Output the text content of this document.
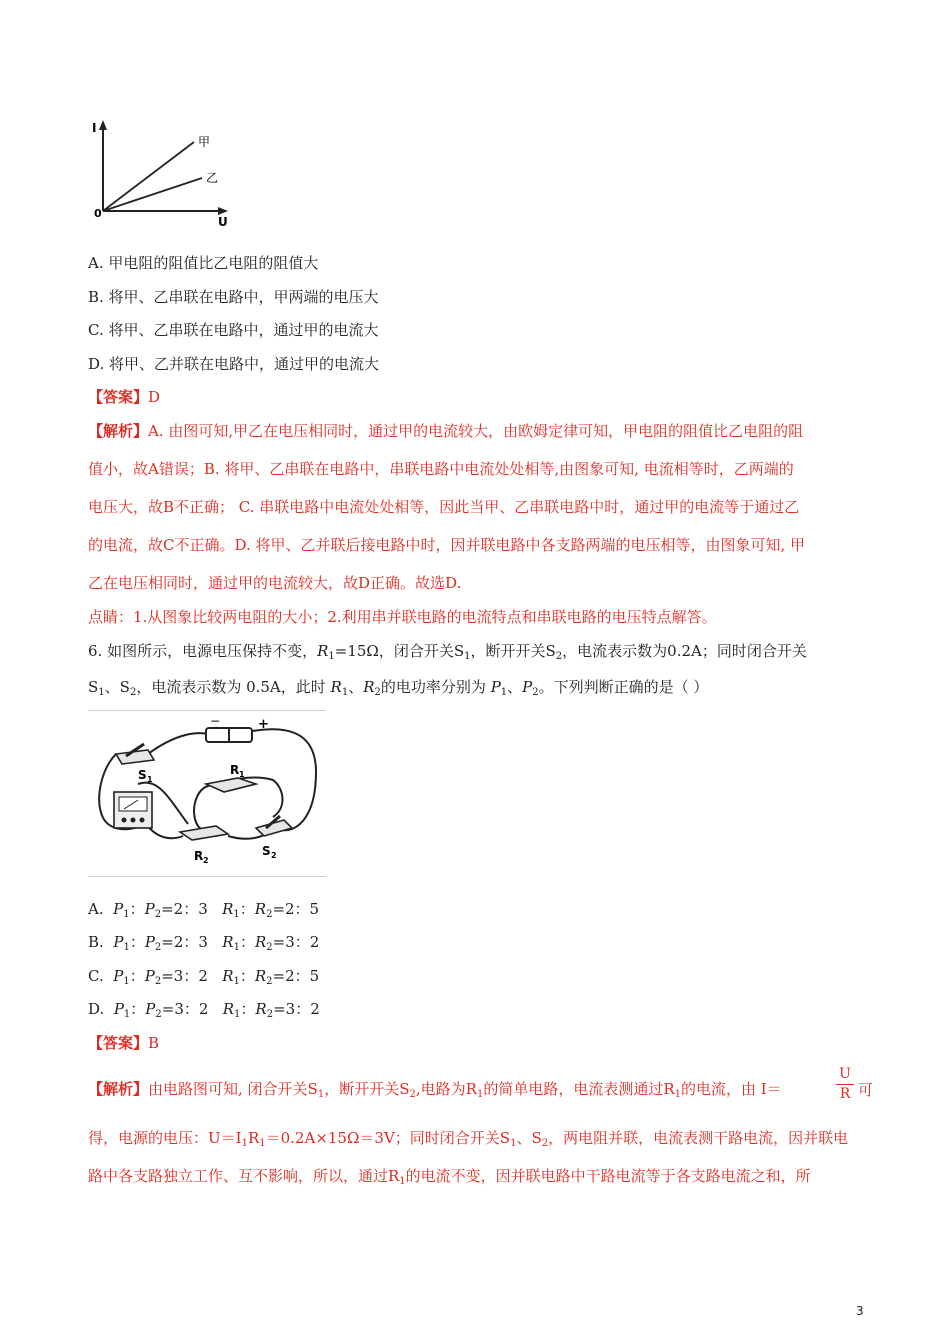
I
U
0
甲
乙
A. 甲电阻的阻值比乙电阻的阻值大
B. 将甲、乙串联在电路中，甲两端的电压大
C. 将甲、乙串联在电路中，通过甲的电流大
D. 将甲、乙并联在电路中，通过甲的电流大
【答案】D
【解析】A. 由图可知,甲乙在电压相同时，通过甲的电流较大，由欧姆定律可知，甲电阻的阻值比乙电阻的阻
值小，故A错误；B. 将甲、乙串联在电路中，串联电路中电流处处相等,由图象可知, 电流相等时，乙两端的
电压大，故B不正确； C. 串联电路中电流处处相等，因此当甲、乙串联电路中时，通过甲的电流等于通过乙
的电流，故C不正确。D. 将甲、乙并联后接电路中时，因并联电路中各支路两端的电压相等，由图象可知, 甲
乙在电压相同时，通过甲的电流较大，故D正确。故选D.
点睛：1.从图象比较两电阻的大小；2.利用串并联电路的电流特点和串联电路的电压特点解答。
6. 如图所示，电源电压保持不变，$R_1=15\Omega$，闭合开关$S_1$，断开开关$S_2$，电流表示数为0.2A；同时闭合开关
$S_1$、$S_2$，电流表示数为 0.5A，此时 $R_1$、$R_2$的电功率分别为 $P_1$、$P_2$。下列判断正确的是（ ）
−	+
S 1
R 1
R 2
S 2
A. $P_1$：$P_2=2$：3 $R_1$：$R_2=2$：5
B. $P_1$：$P_2=2$：3 $R_1$：$R_2=3$：2
C. $P_1$：$P_2=3$：2 $R_1$：$R_2=2$：5
D. $P_1$：$P_2=3$：2 $R_1$：$R_2=3$：2
【答案】B
【解析】由电路图可知, 闭合开关$S_1$，断开开关$S_2$,电路为$R_1$的简单电路，电流表测通过$R_1$的电流，由 I＝
U
R 可
得，电源的电压：$U=I_1R_1=0.2A\times 15\Omega=3V$；同时闭合开关$S_1$、$S_2$，两电阻并联，电流表测干路电流，因并联电
路中各支路独立工作、互不影响，所以，通过$R_1$的电流不变，因并联电路中干路电流等于各支路电流之和，所
3
